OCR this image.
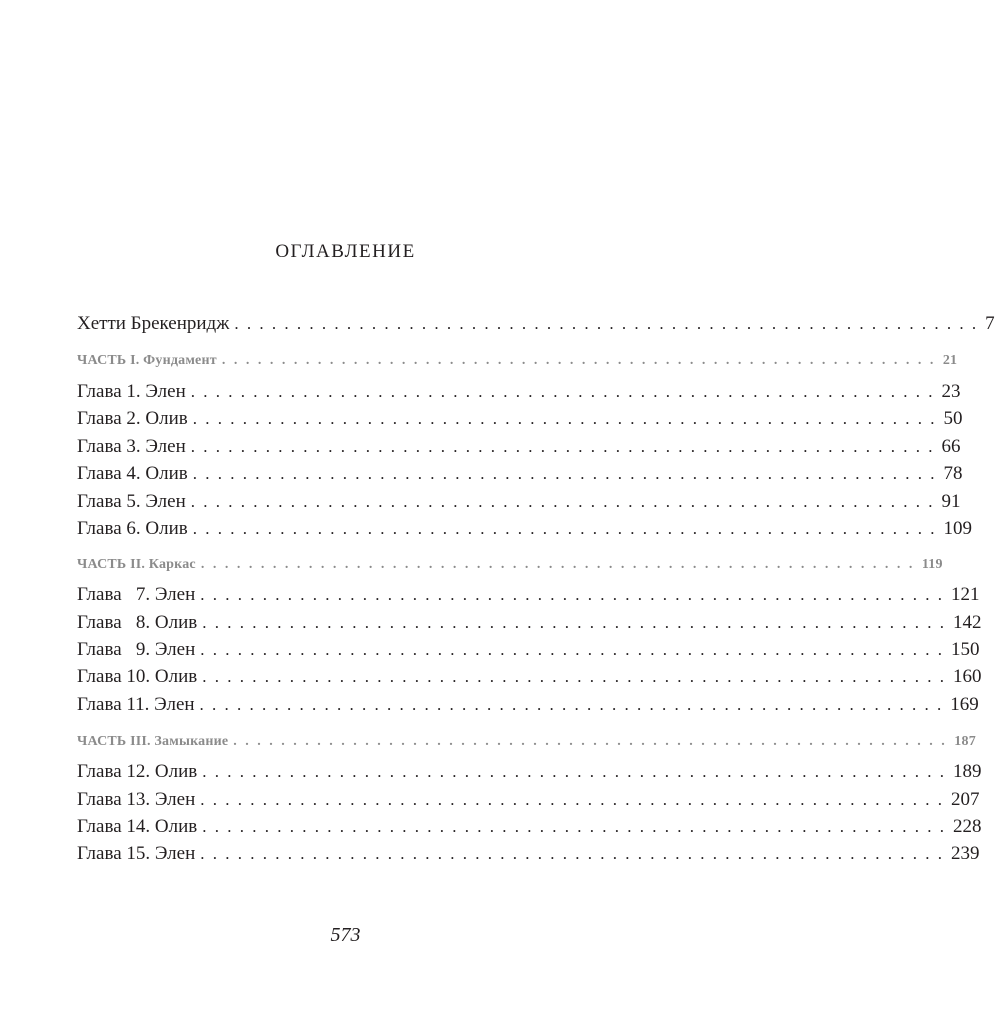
ОГЛАВЛЕНИЕ
Хетти Брекенридж . . . . . . . . . . . . . . . . . . . . . . . . . . . . . . . . . . . . . . . . . . . . . . . . . . . . . . . . . . . . 7
ЧАСТЬ I. Фундамент . . . . . . . . . . . . . . . . . . . . . . . . . . . . . . . . . . . . . . . . . . . . . . . . . . . . . . . . . . . . 21
Глава 1. Элен . . . . . . . . . . . . . . . . . . . . . . . . . . . . . . . . . . . . . . . . . . . . . . . . . . . . . . . . . . . . 23
Глава 2. Олив . . . . . . . . . . . . . . . . . . . . . . . . . . . . . . . . . . . . . . . . . . . . . . . . . . . . . . . . . . . . 50
Глава 3. Элен . . . . . . . . . . . . . . . . . . . . . . . . . . . . . . . . . . . . . . . . . . . . . . . . . . . . . . . . . . . . 66
Глава 4. Олив . . . . . . . . . . . . . . . . . . . . . . . . . . . . . . . . . . . . . . . . . . . . . . . . . . . . . . . . . . . . 78
Глава 5. Элен . . . . . . . . . . . . . . . . . . . . . . . . . . . . . . . . . . . . . . . . . . . . . . . . . . . . . . . . . . . . 91
Глава 6. Олив . . . . . . . . . . . . . . . . . . . . . . . . . . . . . . . . . . . . . . . . . . . . . . . . . . . . . . . . . . . . 109
ЧАСТЬ II. Каркас . . . . . . . . . . . . . . . . . . . . . . . . . . . . . . . . . . . . . . . . . . . . . . . . . . . . . . . . . . . . 119
Глава   7. Элен . . . . . . . . . . . . . . . . . . . . . . . . . . . . . . . . . . . . . . . . . . . . . . . . . . . . . . . . . . . . 121
Глава   8. Олив . . . . . . . . . . . . . . . . . . . . . . . . . . . . . . . . . . . . . . . . . . . . . . . . . . . . . . . . . . . . 142
Глава   9. Элен . . . . . . . . . . . . . . . . . . . . . . . . . . . . . . . . . . . . . . . . . . . . . . . . . . . . . . . . . . . . 150
Глава 10. Олив . . . . . . . . . . . . . . . . . . . . . . . . . . . . . . . . . . . . . . . . . . . . . . . . . . . . . . . . . . . . 160
Глава 11. Элен . . . . . . . . . . . . . . . . . . . . . . . . . . . . . . . . . . . . . . . . . . . . . . . . . . . . . . . . . . . . 169
ЧАСТЬ III. Замыкание . . . . . . . . . . . . . . . . . . . . . . . . . . . . . . . . . . . . . . . . . . . . . . . . . . . . . . . . . . . . 187
Глава 12. Олив . . . . . . . . . . . . . . . . . . . . . . . . . . . . . . . . . . . . . . . . . . . . . . . . . . . . . . . . . . . . 189
Глава 13. Элен . . . . . . . . . . . . . . . . . . . . . . . . . . . . . . . . . . . . . . . . . . . . . . . . . . . . . . . . . . . . 207
Глава 14. Олив . . . . . . . . . . . . . . . . . . . . . . . . . . . . . . . . . . . . . . . . . . . . . . . . . . . . . . . . . . . . 228
Глава 15. Элен . . . . . . . . . . . . . . . . . . . . . . . . . . . . . . . . . . . . . . . . . . . . . . . . . . . . . . . . . . . . 239
573
